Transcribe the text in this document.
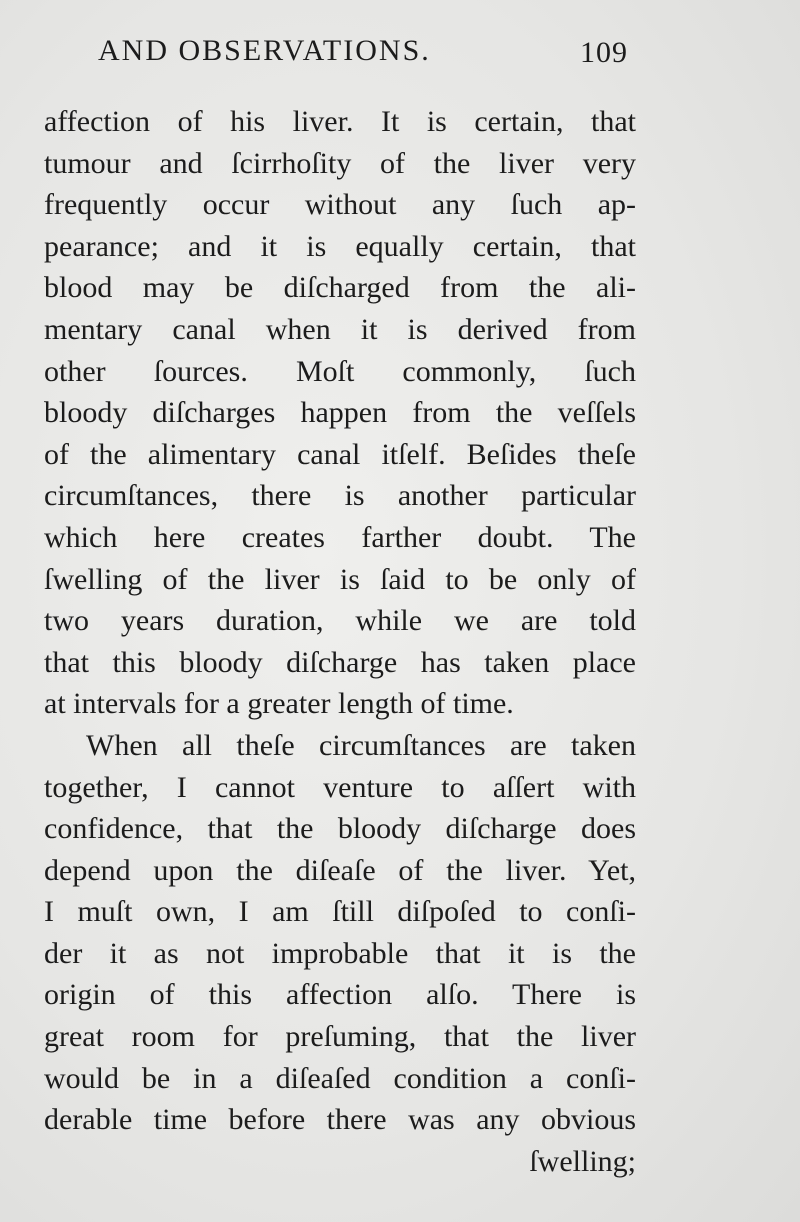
AND OBSERVATIONS.	109
affection of his liver. It is certain, that
tumour and ſcirrhoſity of the liver very
frequently occur without any ſuch ap-
pearance; and it is equally certain, that
blood may be diſcharged from the ali-
mentary canal when it is derived from
other ſources. Moſt commonly, ſuch
bloody diſcharges happen from the veſſels
of the alimentary canal itſelf. Beſides theſe
circumſtances, there is another particular
which here creates farther doubt. The
ſwelling of the liver is ſaid to be only of
two years duration, while we are told
that this bloody diſcharge has taken place
at intervals for a greater length of time.
When all theſe circumſtances are taken
together, I cannot venture to aſſert with
confidence, that the bloody diſcharge does
depend upon the diſeaſe of the liver. Yet,
I muſt own, I am ſtill diſpoſed to conſi-
der it as not improbable that it is the
origin of this affection alſo. There is
great room for preſuming, that the liver
would be in a diſeaſed condition a conſi-
derable time before there was any obvious
ſwelling;
